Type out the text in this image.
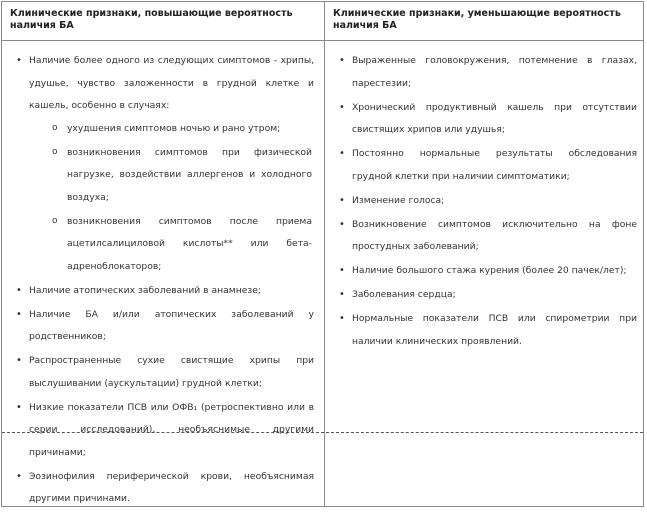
Клинические признаки, повышающие вероятность наличия БА
Клинические признаки, уменьшающие вероятность наличия БА
• Наличие более одного из следующих симптомов - хрипы, удушье, чувство заложенности в грудной клетке и кашель, особенно в случаях:
o ухудшения симптомов ночью и рано утром;
o возникновения симптомов при физической нагрузке, воздействии аллергенов и холодного воздуха;
o возникновения симптомов после приема ацетилсалициловой кислоты** или бета-адреноблокаторов;
• Наличие атопических заболеваний в анамнезе;
• Наличие БА и/или атопических заболеваний у родственников;
• Распространенные сухие свистящие хрипы при выслушивании (аускультации) грудной клетки;
• Низкие показатели ПСВ или ОФВ₁ (ретроспективно или в серии исследований), необъяснимые другими причинами;
• Эозинофилия периферической крови, необъяснимая другими причинами.
• Выраженные головокружения, потемнение в глазах, парестезии;
• Хронический продуктивный кашель при отсутствии свистящих хрипов или удушья;
• Постоянно нормальные результаты обследования грудной клетки при наличии симптоматики;
• Изменение голоса;
• Возникновение симптомов исключительно на фоне простудных заболеваний;
• Наличие большого стажа курения (более 20 пачек/лет);
• Заболевания сердца;
• Нормальные показатели ПСВ или спирометрии при наличии клинических проявлений.
